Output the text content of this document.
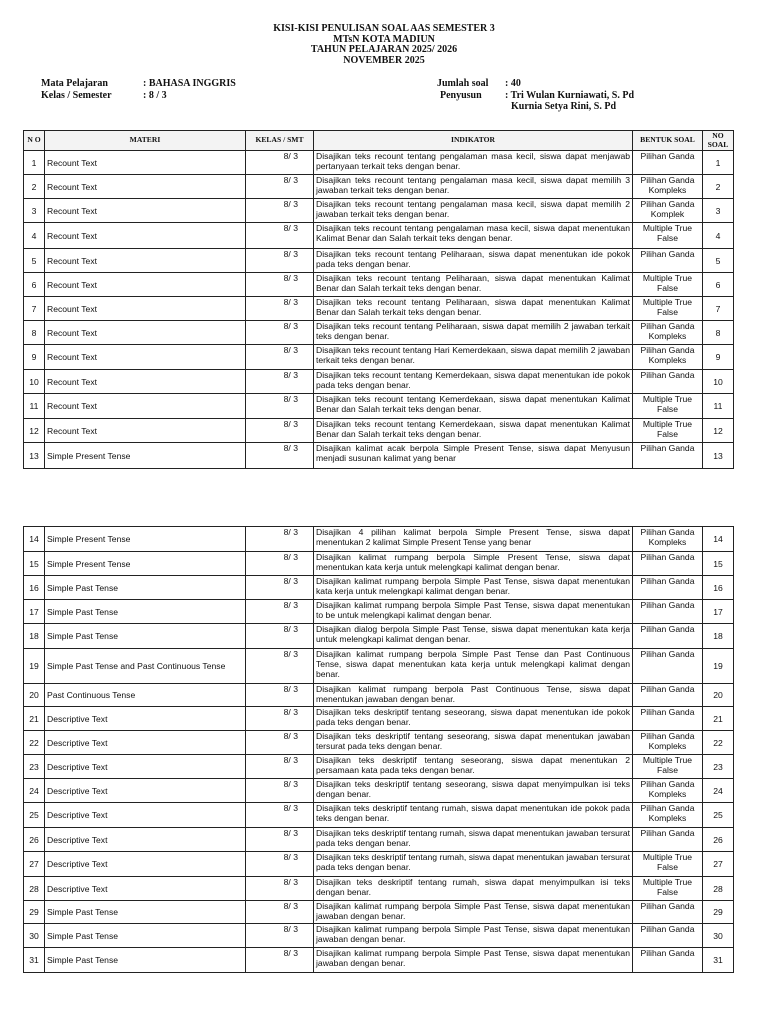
KISI-KISI PENULISAN SOAL AAS SEMESTER 3
MTsN KOTA MADIUN
TAHUN PELAJARAN 2025/ 2026
NOVEMBER 2025
Mata Pelajaran	: BAHASA INGGRIS
Kelas / Semester	: 8 / 3
Jumlah soal	: 40
Penyusun	: Tri Wulan Kurniawati, S. Pd
Kurnia Setya Rini, S. Pd
N O	MATERI	KELAS / SMT	INDIKATOR	BENTUK SOAL	NO SOAL
1	Recount Text	8/ 3	Disajikan teks recount tentang pengalaman masa kecil, siswa dapat menjawab pertanyaan terkait teks dengan benar.	Pilihan Ganda	1
2	Recount Text	8/ 3	Disajikan teks recount tentang pengalaman masa kecil, siswa dapat memilih 3 jawaban terkait teks dengan benar.	Pilihan Ganda Kompleks	2
3	Recount Text	8/ 3	Disajikan teks recount tentang pengalaman masa kecil, siswa dapat memilih 2 jawaban terkait teks dengan benar.	Pilihan Ganda Komplek	3
4	Recount Text	8/ 3	Disajikan teks recount tentang pengalaman masa kecil, siswa dapat menentukan Kalimat Benar dan Salah terkait teks dengan benar.	Multiple True False	4
5	Recount Text	8/ 3	Disajikan teks recount tentang Peliharaan, siswa dapat menentukan ide pokok pada teks dengan benar.	Pilihan Ganda	5
6	Recount Text	8/ 3	Disajikan teks recount tentang Peliharaan, siswa dapat menentukan Kalimat Benar dan Salah terkait teks dengan benar.	Multiple True False	6
7	Recount Text	8/ 3	Disajikan teks recount tentang Peliharaan, siswa dapat menentukan Kalimat Benar dan Salah terkait teks dengan benar.	Multiple True False	7
8	Recount Text	8/ 3	Disajikan teks recount tentang Peliharaan, siswa dapat memilih 2 jawaban terkait teks dengan benar.	Pilihan Ganda Kompleks	8
9	Recount Text	8/ 3	Disajikan teks recount tentang Hari Kemerdekaan, siswa dapat memilih 2 jawaban terkait teks dengan benar.	Pilihan Ganda Kompleks	9
10	Recount Text	8/ 3	Disajikan teks recount tentang Kemerdekaan, siswa dapat menentukan ide pokok pada teks dengan benar.	Pilihan Ganda	10
11	Recount Text	8/ 3	Disajikan teks recount tentang Kemerdekaan, siswa dapat menentukan Kalimat Benar dan Salah terkait teks dengan benar.	Multiple True False	11
12	Recount Text	8/ 3	Disajikan teks recount tentang Kemerdekaan, siswa dapat menentukan Kalimat Benar dan Salah terkait teks dengan benar.	Multiple True False	12
13	Simple Present Tense	8/ 3	Disajikan kalimat acak berpola Simple Present Tense, siswa dapat Menyusun menjadi susunan kalimat yang benar	Pilihan Ganda	13
14	Simple Present Tense	8/ 3	Disajikan 4 pilihan kalimat berpola Simple Present Tense, siswa dapat menentukan 2 kalimat Simple Present Tense yang benar	Pilihan Ganda Kompleks	14
15	Simple Present Tense	8/ 3	Disajikan kalimat rumpang berpola Simple Present Tense, siswa dapat menentukan kata kerja untuk melengkapi kalimat dengan benar.	Pilihan Ganda	15
16	Simple Past Tense	8/ 3	Disajikan kalimat rumpang berpola Simple Past Tense, siswa dapat menentukan kata kerja untuk melengkapi kalimat dengan benar.	Pilihan Ganda	16
17	Simple Past Tense	8/ 3	Disajikan kalimat rumpang berpola Simple Past Tense, siswa dapat menentukan to be untuk melengkapi kalimat dengan benar.	Pilihan Ganda	17
18	Simple Past Tense	8/ 3	Disajikan dialog berpola Simple Past Tense, siswa dapat menentukan kata kerja untuk melengkapi kalimat dengan benar.	Pilihan Ganda	18
19	Simple Past Tense and Past Continuous Tense	8/ 3	Disajikan kalimat rumpang berpola Simple Past Tense dan Past Continuous Tense, siswa dapat menentukan kata kerja untuk melengkapi kalimat dengan benar.	Pilihan Ganda	19
20	Past Continuous Tense	8/ 3	Disajikan kalimat rumpang berpola Past Continuous Tense, siswa dapat menentukan jawaban dengan benar.	Pilihan Ganda	20
21	Descriptive Text	8/ 3	Disajikan teks deskriptif tentang seseorang, siswa dapat menentukan ide pokok pada teks dengan benar.	Pilihan Ganda	21
22	Descriptive Text	8/ 3	Disajikan teks deskriptif tentang seseorang, siswa dapat menentukan jawaban tersurat pada teks dengan benar.	Pilihan Ganda Kompleks	22
23	Descriptive Text	8/ 3	Disajikan teks deskriptif tentang seseorang, siswa dapat menentukan 2 persamaan kata pada teks dengan benar.	Multiple True False	23
24	Descriptive Text	8/ 3	Disajikan teks deskriptif tentang seseorang, siswa dapat menyimpulkan isi teks dengan benar.	Pilihan Ganda Kompleks	24
25	Descriptive Text	8/ 3	Disajikan teks deskriptif tentang rumah, siswa dapat menentukan ide pokok pada teks dengan benar.	Pilihan Ganda Kompleks	25
26	Descriptive Text	8/ 3	Disajikan teks deskriptif tentang rumah, siswa dapat menentukan jawaban tersurat pada teks dengan benar.	Pilihan Ganda	26
27	Descriptive Text	8/ 3	Disajikan teks deskriptif tentang rumah, siswa dapat menentukan jawaban tersurat pada teks dengan benar.	Multiple True False	27
28	Descriptive Text	8/ 3	Disajikan teks deskriptif tentang rumah, siswa dapat menyimpulkan isi teks dengan benar.	Multiple True False	28
29	Simple Past Tense	8/ 3	Disajikan kalimat rumpang berpola Simple Past Tense, siswa dapat menentukan jawaban dengan benar.	Pilihan Ganda	29
30	Simple Past Tense	8/ 3	Disajikan kalimat rumpang berpola Simple Past Tense, siswa dapat menentukan jawaban dengan benar.	Pilihan Ganda	30
31	Simple Past Tense	8/ 3	Disajikan kalimat rumpang berpola Simple Past Tense, siswa dapat menentukan jawaban dengan benar.	Pilihan Ganda	31
